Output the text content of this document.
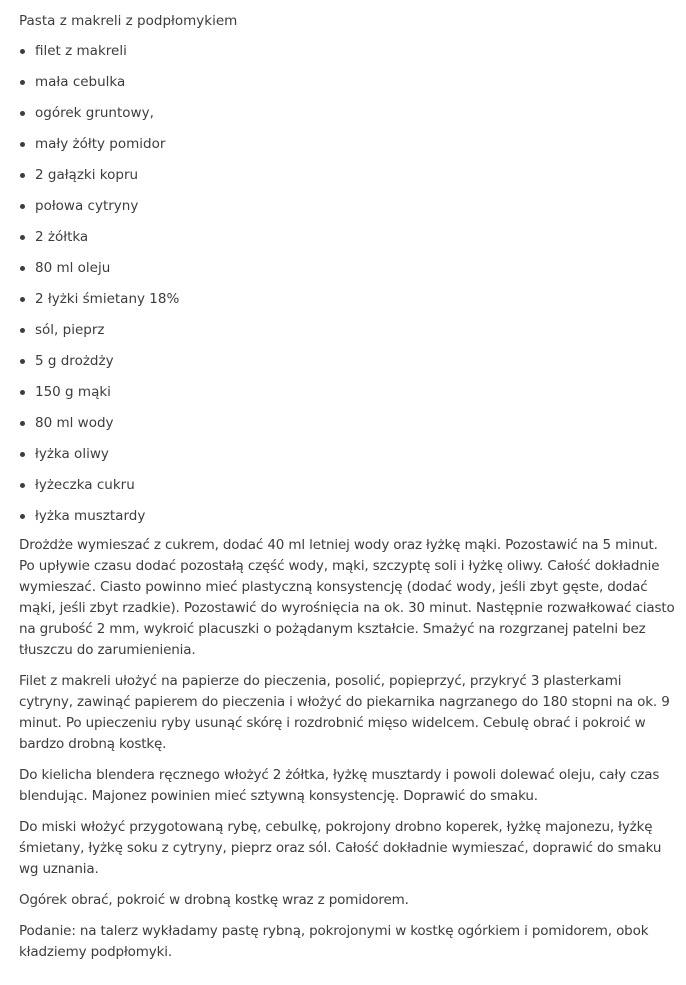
Pasta z makreli z podpłomykiem
filet z makreli
mała cebulka
ogórek gruntowy,
mały żółty pomidor
2 gałązki kopru
połowa cytryny
2 żółtka
80 ml oleju
2 łyżki śmietany 18%
sól, pieprz
5 g drożdży
150 g mąki
80 ml wody
łyżka oliwy
łyżeczka cukru
łyżka musztardy

Drożdże wymieszać z cukrem, dodać 40 ml letniej wody oraz łyżkę mąki. Pozostawić na 5 minut. Po upływie czasu dodać pozostałą część wody, mąki, szczyptę soli i łyżkę oliwy. Całość dokładnie wymieszać. Ciasto powinno mieć plastyczną konsystencję (dodać wody, jeśli zbyt gęste, dodać mąki, jeśli zbyt rzadkie). Pozostawić do wyrośnięcia na ok. 30 minut. Następnie rozwałkować ciasto na grubość 2 mm, wykroić placuszki o pożądanym kształcie. Smażyć na rozgrzanej patelni bez tłuszczu do zarumienienia.

Filet z makreli ułożyć na papierze do pieczenia, posolić, popieprzyć, przykryć 3 plasterkami cytryny, zawinąć papierem do pieczenia i włożyć do piekarnika nagrzanego do 180 stopni na ok. 9 minut. Po upieczeniu ryby usunąć skórę i rozdrobnić mięso widelcem. Cebulę obrać i pokroić w bardzo drobną kostkę.

Do kielicha blendera ręcznego włożyć 2 żółtka, łyżkę musztardy i powoli dolewać oleju, cały czas blendując. Majonez powinien mieć sztywną konsystencję. Doprawić do smaku.

Do miski włożyć przygotowaną rybę, cebulkę, pokrojony drobno koperek, łyżkę majonezu, łyżkę śmietany, łyżkę soku z cytryny, pieprz oraz sól. Całość dokładnie wymieszać, doprawić do smaku wg uznania.

Ogórek obrać, pokroić w drobną kostkę wraz z pomidorem.

Podanie: na talerz wykładamy pastę rybną, pokrojonymi w kostkę ogórkiem i pomidorem, obok kładziemy podpłomyki.
